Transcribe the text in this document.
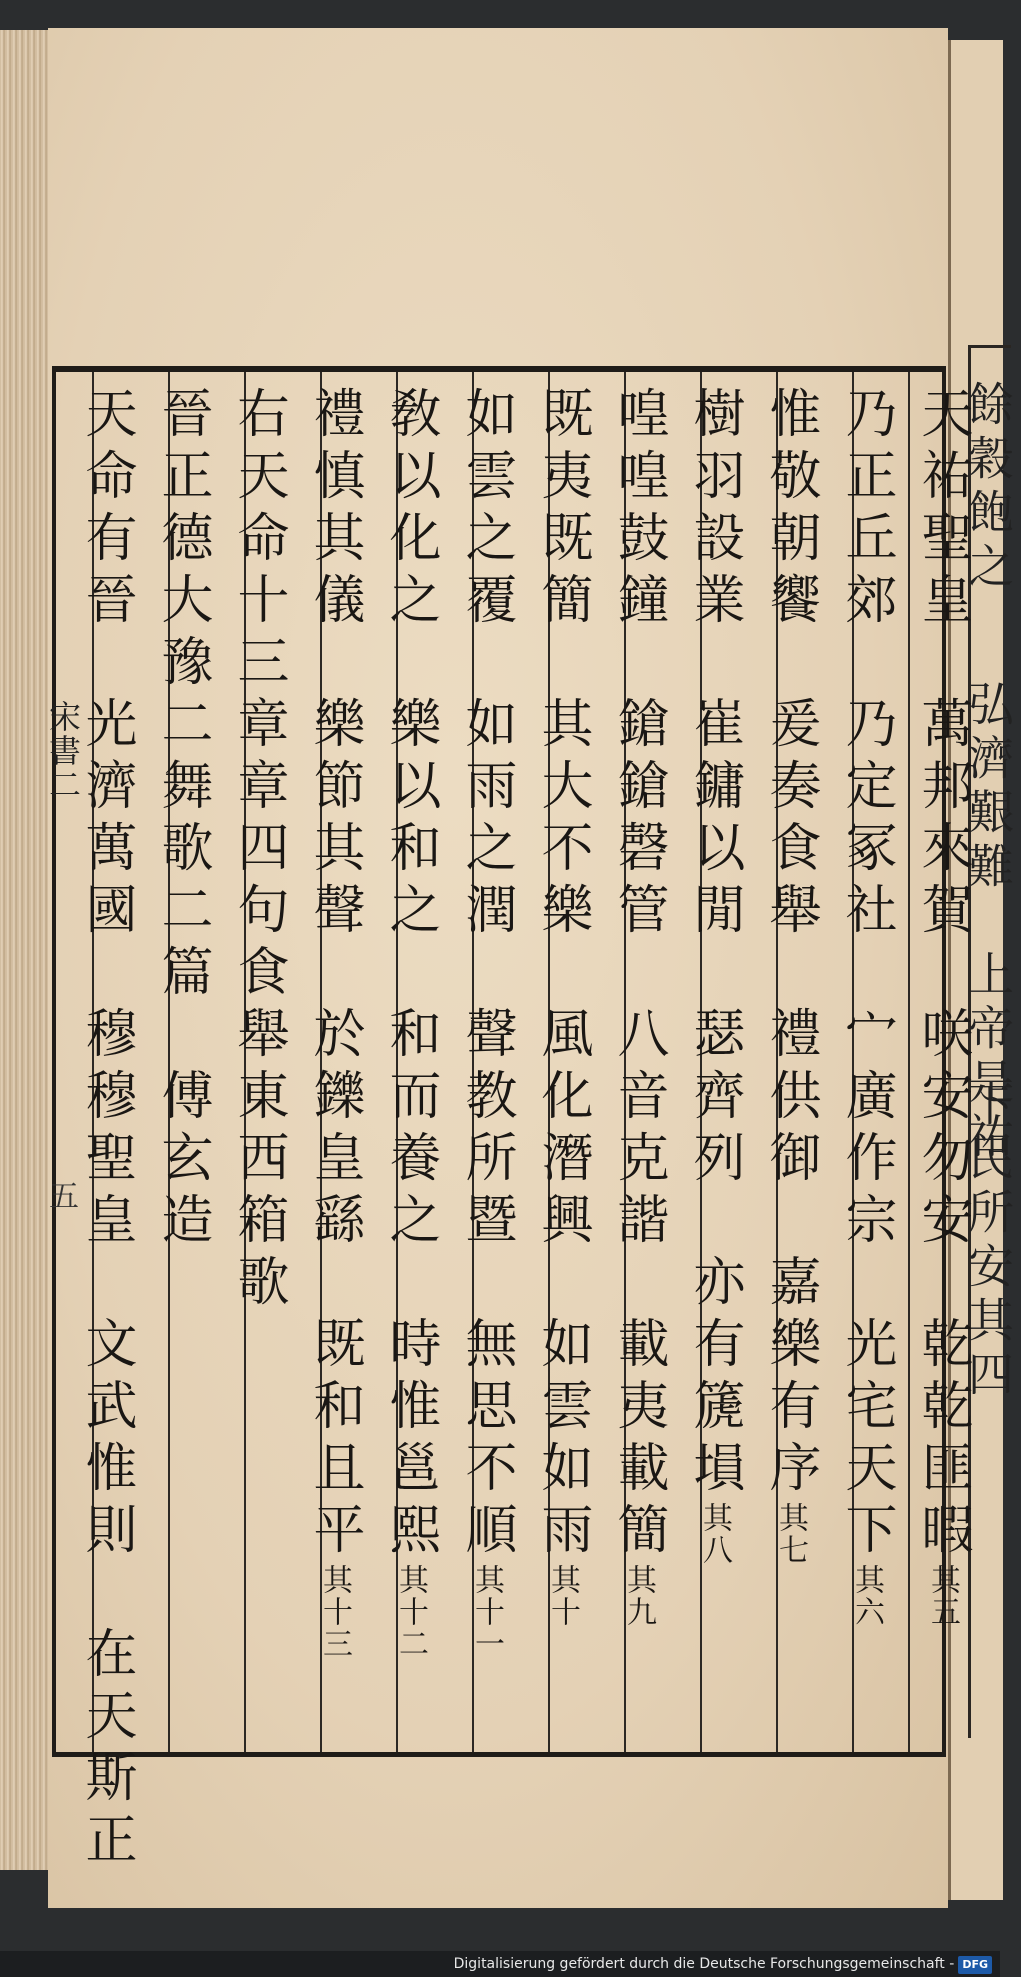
餘穀飽之
弘濟艱難　上帝是祐
下民所安其四
宋書二
五
天祐聖皇　萬邦來賀　咲安勿安　乾乾匪暇其五
乃正丘郊　乃定冢社　宀廣作宗　光宅天下其六
惟敬朝饗　爰奏食舉　禮供御　嘉樂有序其七
樹羽設業　崔鏞以閒　瑟齊列　亦有篪塤其八
喤喤鼓鐘　鎗鎗磬管　八音克諧　載夷載簡其九
既夷既簡　其大不樂　風化潛興　如雲如雨其十
如雲之覆　如雨之潤　聲教所暨　無思不順其十一
敎以化之　樂以和之　和而養之　時惟邕熙其十二
禮慎其儀　樂節其聲　於鑠皇繇　既和且平其十三
右天命十三章章四句食舉東西箱歌
晉正德大豫二舞歌二篇　傅玄造
天命有晉　光濟萬國　穆穆聖皇　文武惟則　在天斯正
Digitalisierung gefördert durch die Deutsche Forschungsgemeinschaft - DFG
